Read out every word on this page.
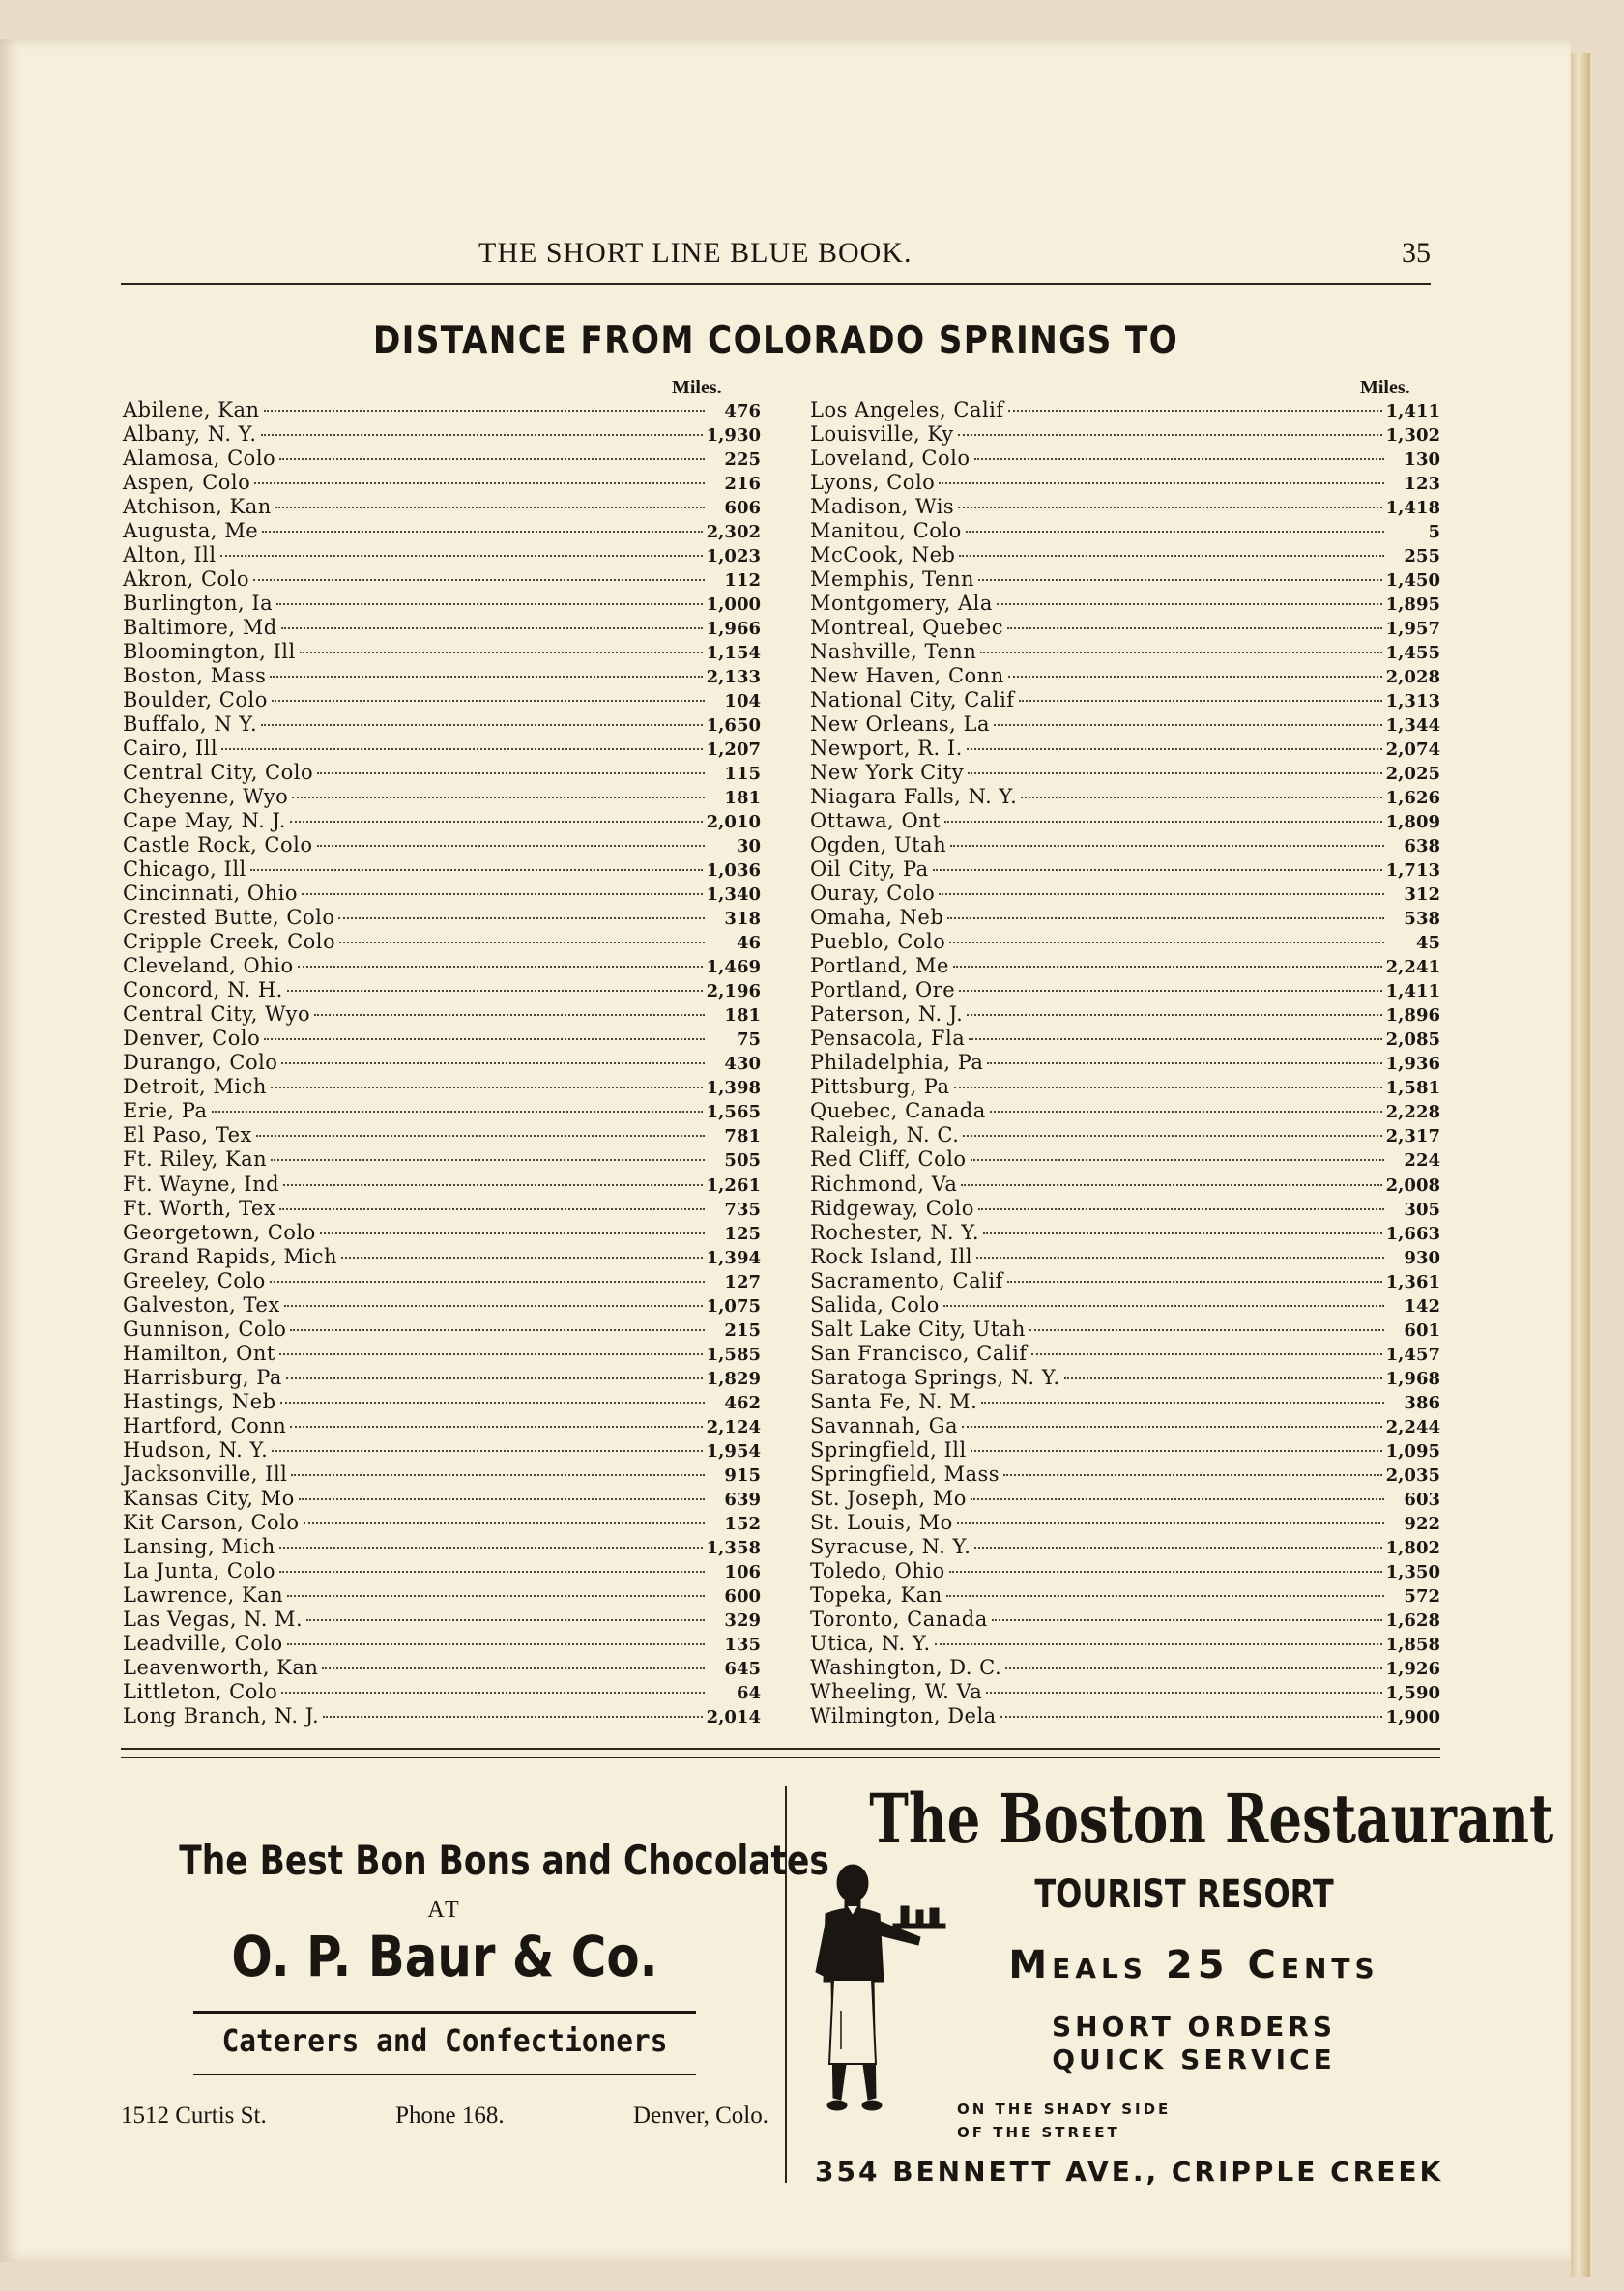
THE SHORT LINE BLUE BOOK.	35
DISTANCE FROM COLORADO SPRINGS TO
Miles.	Miles.
Abilene, Kan	476
Albany, N. Y.	1,930
Alamosa, Colo	225
Aspen, Colo	216
Atchison, Kan	606
Augusta, Me	2,302
Alton, Ill	1,023
Akron, Colo	112
Burlington, Ia	1,000
Baltimore, Md	1,966
Bloomington, Ill	1,154
Boston, Mass	2,133
Boulder, Colo	104
Buffalo, N Y.	1,650
Cairo, Ill	1,207
Central City, Colo	115
Cheyenne, Wyo	181
Cape May, N. J.	2,010
Castle Rock, Colo	30
Chicago, Ill	1,036
Cincinnati, Ohio	1,340
Crested Butte, Colo	318
Cripple Creek, Colo	46
Cleveland, Ohio	1,469
Concord, N. H.	2,196
Central City, Wyo	181
Denver, Colo	75
Durango, Colo	430
Detroit, Mich	1,398
Erie, Pa	1,565
El Paso, Tex	781
Ft. Riley, Kan	505
Ft. Wayne, Ind	1,261
Ft. Worth, Tex	735
Georgetown, Colo	125
Grand Rapids, Mich	1,394
Greeley, Colo	127
Galveston, Tex	1,075
Gunnison, Colo	215
Hamilton, Ont	1,585
Harrisburg, Pa	1,829
Hastings, Neb	462
Hartford, Conn	2,124
Hudson, N. Y.	1,954
Jacksonville, Ill	915
Kansas City, Mo	639
Kit Carson, Colo	152
Lansing, Mich	1,358
La Junta, Colo	106
Lawrence, Kan	600
Las Vegas, N. M.	329
Leadville, Colo	135
Leavenworth, Kan	645
Littleton, Colo	64
Long Branch, N. J.	2,014
Los Angeles, Calif	1,411
Louisville, Ky	1,302
Loveland, Colo	130
Lyons, Colo	123
Madison, Wis	1,418
Manitou, Colo	5
McCook, Neb	255
Memphis, Tenn	1,450
Montgomery, Ala	1,895
Montreal, Quebec	1,957
Nashville, Tenn	1,455
New Haven, Conn	2,028
National City, Calif	1,313
New Orleans, La	1,344
Newport, R. I.	2,074
New York City	2,025
Niagara Falls, N. Y.	1,626
Ottawa, Ont	1,809
Ogden, Utah	638
Oil City, Pa	1,713
Ouray, Colo	312
Omaha, Neb	538
Pueblo, Colo	45
Portland, Me	2,241
Portland, Ore	1,411
Paterson, N. J.	1,896
Pensacola, Fla	2,085
Philadelphia, Pa	1,936
Pittsburg, Pa	1,581
Quebec, Canada	2,228
Raleigh, N. C.	2,317
Red Cliff, Colo	224
Richmond, Va	2,008
Ridgeway, Colo	305
Rochester, N. Y.	1,663
Rock Island, Ill	930
Sacramento, Calif	1,361
Salida, Colo	142
Salt Lake City, Utah	601
San Francisco, Calif	1,457
Saratoga Springs, N. Y.	1,968
Santa Fe, N. M.	386
Savannah, Ga	2,244
Springfield, Ill	1,095
Springfield, Mass	2,035
St. Joseph, Mo	603
St. Louis, Mo	922
Syracuse, N. Y.	1,802
Toledo, Ohio	1,350
Topeka, Kan	572
Toronto, Canada	1,628
Utica, N. Y.	1,858
Washington, D. C.	1,926
Wheeling, W. Va	1,590
Wilmington, Dela	1,900
The Best Bon Bons and Chocolates
AT
O. P. Baur & Co.
Caterers and Confectioners
1512 Curtis St.	Phone 168.	Denver, Colo.
The Boston Restaurant
TOURIST RESORT
Meals 25 Cents
SHORT ORDERS
QUICK SERVICE
ON THE SHADY SIDE
OF THE STREET
354 BENNETT AVE., CRIPPLE CREEK
